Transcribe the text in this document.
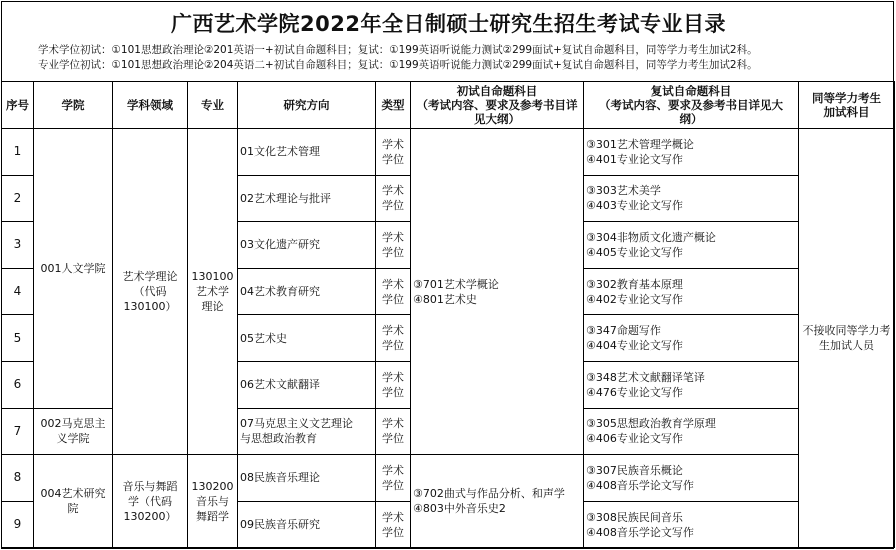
广西艺术学院2022年全日制硕士研究生招生考试专业目录
学术学位初试：①101思想政治理论②201英语一+初试自命题科目；复试：①199英语听说能力测试②299面试+复试自命题科目，同等学力考生加试2科。
专业学位初试：①101思想政治理论②204英语二+初试自命题科目；复试：①199英语听说能力测试②299面试+复试自命题科目，同等学力考生加试2科。
序号	学院	学科领域	专业	研究方向	类型	初试自命题科目
（考试内容、要求及参考书目详
见大纲）	复试自命题科目
（考试内容、要求及参考书目详见大
纲）	同等学力考生
加试科目

1	001人文学院	艺术学理论
（代码
130100）	130100
艺术学
理论	01文化艺术管理	学术
学位	③701艺术学概论
④801艺术史	③301艺术管理学概论
④401专业论文写作	不接收同等学力考生加试人员
2				02艺术理论与批评	学术
学位		③303艺术美学
④403专业论文写作	

3				03文化遗产研究	学术
学位		③304非物质文化遗产概论
④405专业论文写作	

4				04艺术教育研究	学术
学位		③302教育基本原理
④402专业论文写作	

5				05艺术史	学术
学位		③347命题写作
④404专业论文写作	

6				06艺术文献翻译	学术
学位		③348艺术文献翻译笔译
④476专业论文写作	

7	002马克思主
义学院			07马克思主义文艺理论
与思想政治教育	学术
学位		③305思想政治教育学原理
④406专业论文写作	

8	004艺术研究
院	音乐与舞蹈
学（代码
130200）	130200
音乐与
舞蹈学	08民族音乐理论	学术
学位	③702曲式与作品分析、和声学
④803中外音乐史2	③307民族音乐概论
④408音乐学论文写作	

9				09民族音乐研究	学术
学位		③308民族民间音乐
④408音乐学论文写作	
